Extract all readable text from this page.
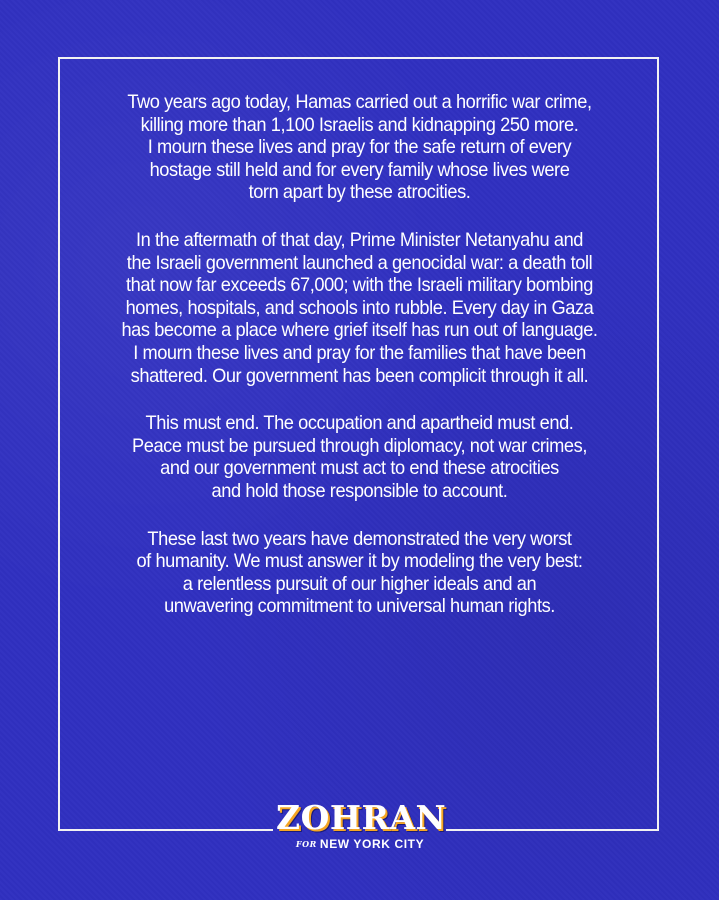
Two years ago today, Hamas carried out a horrific war crime,
killing more than 1,100 Israelis and kidnapping 250 more.
I mourn these lives and pray for the safe return of every
hostage still held and for every family whose lives were
torn apart by these atrocities.

In the aftermath of that day, Prime Minister Netanyahu and
the Israeli government launched a genocidal war: a death toll
that now far exceeds 67,000; with the Israeli military bombing
homes, hospitals, and schools into rubble. Every day in Gaza
has become a place where grief itself has run out of language.
I mourn these lives and pray for the families that have been
shattered. Our government has been complicit through it all.

This must end. The occupation and apartheid must end.
Peace must be pursued through diplomacy, not war crimes,
and our government must act to end these atrocities
and hold those responsible to account.

These last two years have demonstrated the very worst
of humanity. We must answer it by modeling the very best:
a relentless pursuit of our higher ideals and an
unwavering commitment to universal human rights.

ZOHRAN
FOR NEW YORK CITY
